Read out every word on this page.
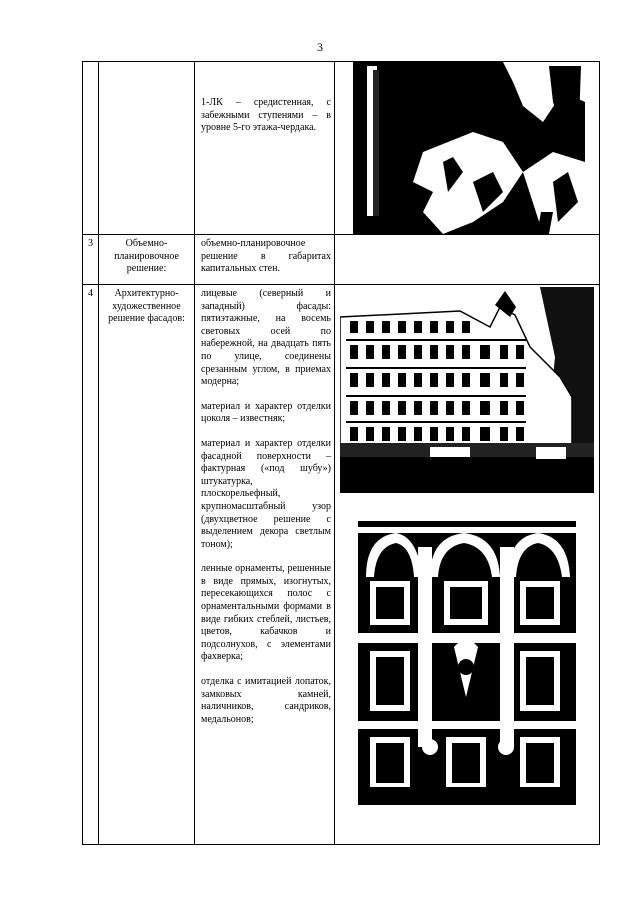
3

		1-ЛК – средистенная, с забежными ступенями – в уровне 5-го этажа-чердака.

3	Объемно-планировочное решение:	объемно-планировочное решение в габаритах капитальных стен.	

4	Архитектурно-художественное решение фасадов:	лицевые (северный и западный) фасады: пятиэтажные, на восемь световых осей по набережной, на двадцать пять по улице, соединены срезанным углом, в приемах модерна;

материал и характер отделки цоколя – известняк;

материал и характер отделки фасадной поверхности – фактурная («под шубу») штукатурка, плоскорельефный, крупномасштабный узор (двухцветное решение с выделением декора светлым тоном);

ленные орнаменты, решенные в виде прямых, изогнутых, пересекающихся полос с орнаментальными формами в виде гибких стеблей, листьев, цветов, кабачков и подсолнухов, с элементами фахверка;

отделка с имитацией лопаток, замковых камней, наличников, сандриков, медальонов;
